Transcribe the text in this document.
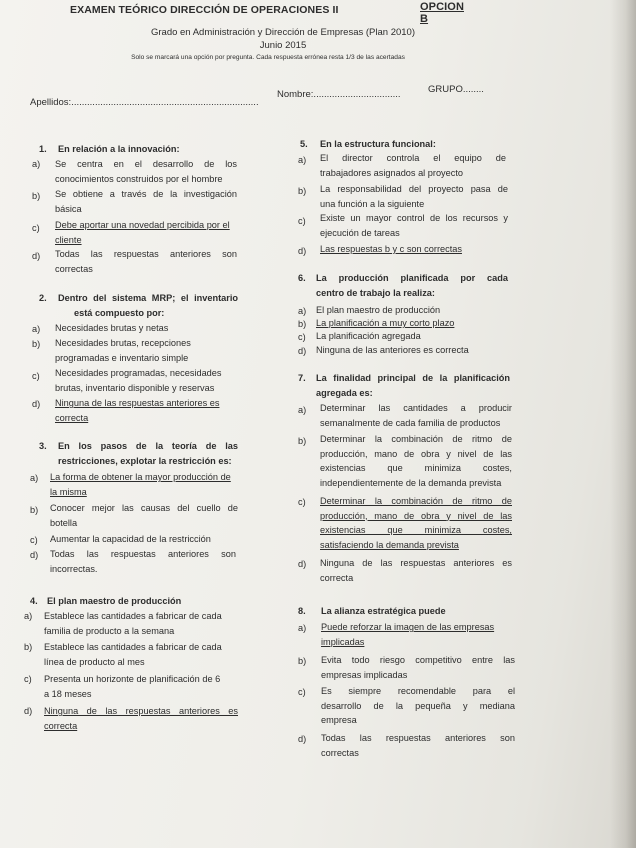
EXAMEN TEÓRICO DIRECCIÓN DE OPERACIONES II	OPCION B
Grado en Administración y Dirección de Empresas (Plan 2010)
Junio 2015
Solo se marcará una opción por pregunta. Cada respuesta errónea resta 1/3 de las acertadas
Apellidos:.......................................................................
Nombre:.................................	GRUPO........
1. En relación a la innovación:
a) Se centra en el desarrollo de los
conocimientos construidos por el hombre
b) Se obtiene a través de la investigación
básica
c) Debe aportar una novedad percibida por el
cliente
d) Todas las respuestas anteriores son
correctas
2. Dentro del sistema MRP; el inventario
está compuesto por:
a) Necesidades brutas y netas
b) Necesidades brutas, recepciones
programadas e inventario simple
c) Necesidades programadas, necesidades
brutas, inventario disponible y reservas
d) Ninguna de las respuestas anteriores es
correcta
3. En los pasos de la teoría de las
restricciones, explotar la restricción es:
a) La forma de obtener la mayor producción de
la misma
b) Conocer mejor las causas del cuello de
botella
c) Aumentar la capacidad de la restricción
d) Todas las respuestas anteriores son
incorrectas.
4. El plan maestro de producción
a) Establece las cantidades a fabricar de cada
familia de producto a la semana
b) Establece las cantidades a fabricar de cada
línea de producto al mes
c) Presenta un horizonte de planificación de 6
a 18 meses
d) Ninguna de las respuestas anteriores es
correcta
5. En la estructura funcional:
a) El director controla el equipo de
trabajadores asignados al proyecto
b) La responsabilidad del proyecto pasa de
una función a la siguiente
c) Existe un mayor control de los recursos y
ejecución de tareas
d) Las respuestas b y c son correctas
6. La producción planificada por cada
centro de trabajo la realiza:
a) El plan maestro de producción
b) La planificación a muy corto plazo
c) La planificación agregada
d) Ninguna de las anteriores es correcta
7. La finalidad principal de la planificación
agregada es:
a) Determinar las cantidades a producir
semanalmente de cada familia de productos
b) Determinar la combinación de ritmo de
producción, mano de obra y nivel de las
existencias que minimiza costes,
independientemente de la demanda prevista
c) Determinar la combinación de ritmo de
producción, mano de obra y nivel de las
existencias que minimiza costes,
satisfaciendo la demanda prevista
d) Ninguna de las respuestas anteriores es
correcta
8. La alianza estratégica puede
a) Puede reforzar la imagen de las empresas
implicadas
b) Evita todo riesgo competitivo entre las
empresas implicadas
c) Es siempre recomendable para el
desarrollo de la pequeña y mediana
empresa
d) Todas las respuestas anteriores son
correctas
